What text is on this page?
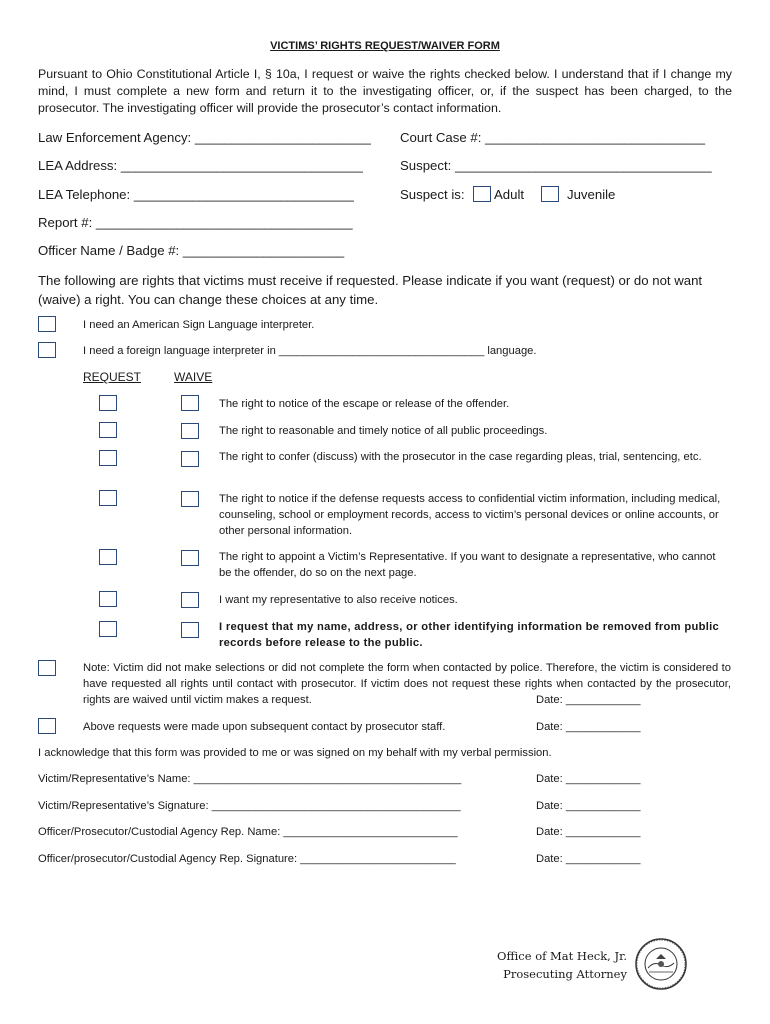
VICTIMS’ RIGHTS REQUEST/WAIVER FORM
Pursuant to Ohio Constitutional Article I, § 10a, I request or waive the rights checked below. I understand that if I change my mind, I must complete a new form and return it to the investigating officer, or, if the suspect has been charged, to the prosecutor. The investigating officer will provide the prosecutor’s contact information.
Law Enforcement Agency: ________________________ Court Case #: ______________________________
LEA Address: _________________________________	Suspect: ___________________________________
LEA Telephone: ______________________________	Suspect is: Adult	Juvenile
Report #: ___________________________________
Officer Name / Badge #: ______________________
The following are rights that victims must receive if requested. Please indicate if you want (request) or do not want (waive) a right. You can change these choices at any time.
I need an American Sign Language interpreter.
I need a foreign language interpreter in _________________________________ language.
REQUEST	WAIVE
The right to notice of the escape or release of the offender.
The right to reasonable and timely notice of all public proceedings.
The right to confer (discuss) with the prosecutor in the case regarding pleas, trial, sentencing, etc.
The right to notice if the defense requests access to confidential victim information, including medical, counseling, school or employment records, access to victim’s personal devices or online accounts, or other personal information.
The right to appoint a Victim’s Representative. If you want to designate a representative, who cannot be the offender, do so on the next page.
I want my representative to also receive notices.
I request that my name, address, or other identifying information be removed from public records before release to the public.
Note: Victim did not make selections or did not complete the form when contacted by police. Therefore, the victim is considered to have requested all rights until contact with prosecutor. If victim does not request these rights when contacted by the prosecutor, rights are waived until victim makes a request.	Date: ____________
Above requests were made upon subsequent contact by prosecutor staff.	Date: ____________
I acknowledge that this form was provided to me or was signed on my behalf with my verbal permission.
Victim/Representative’s Name: ___________________________________________	Date: ____________
Victim/Representative’s Signature: ________________________________________	Date: ____________
Officer/Prosecutor/Custodial Agency Rep. Name: ____________________________	Date: ____________
Officer/prosecutor/Custodial Agency Rep. Signature: _________________________	Date: ____________
Office of Mat Heck, Jr.
Prosecuting Attorney
